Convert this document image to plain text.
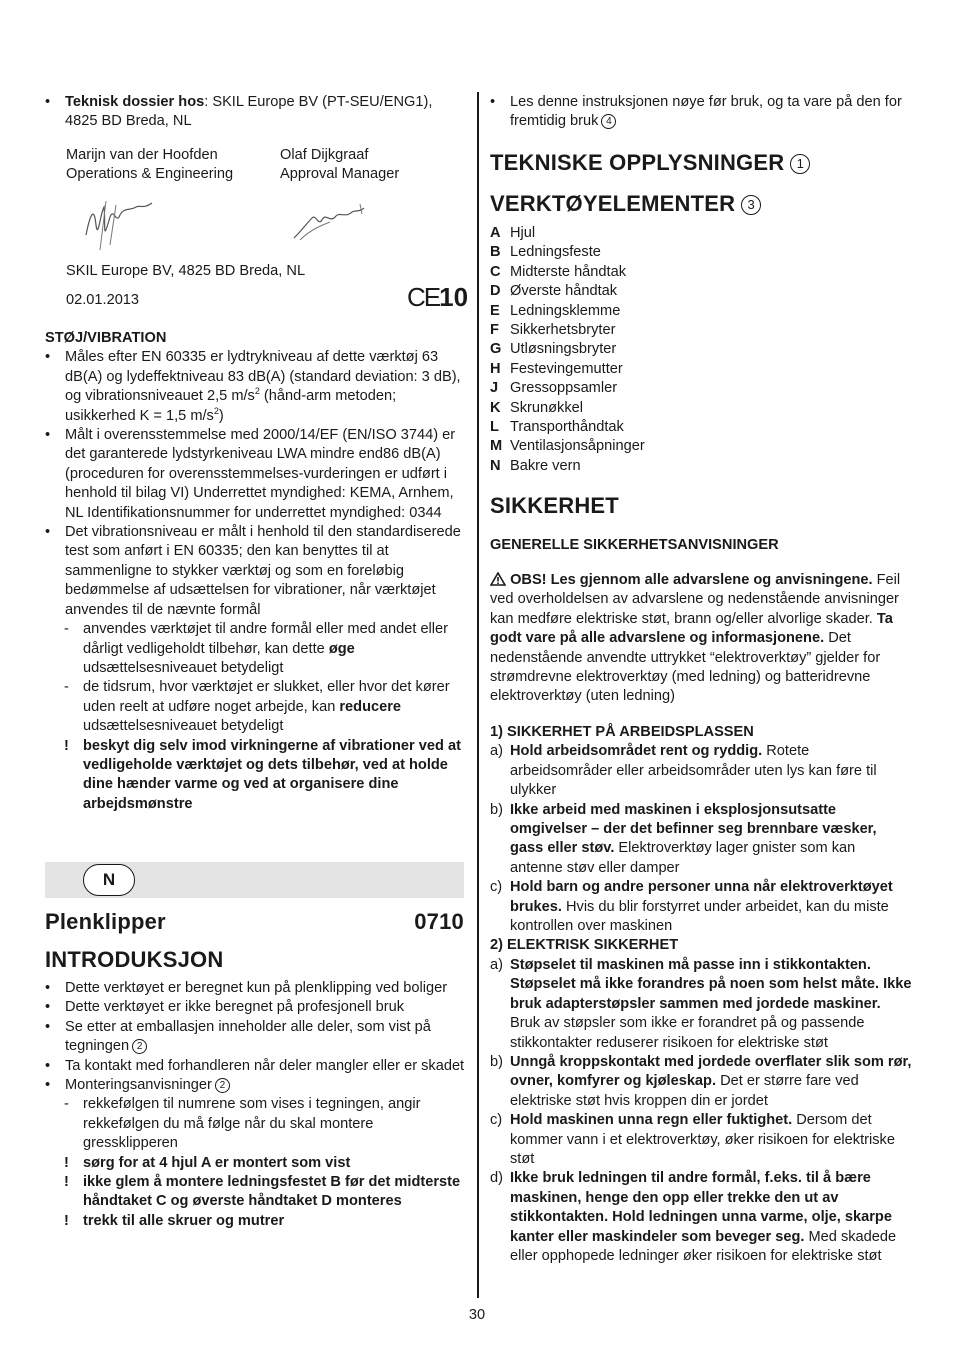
• Teknisk dossier hos: SKIL Europe BV (PT-SEU/ENG1), 4825 BD Breda, NL
Marijn van der Hoofden
Operations & Engineering
Olaf Dijkgraaf
Approval Manager
SKIL Europe BV, 4825 BD Breda, NL
02.01.2013	CE10
STØJ/VIBRATION
• Måles efter EN 60335 er lydtrykniveau af dette værktøj 63 dB(A) og lydeffektniveau 83 dB(A) (standard deviation: 3 dB), og vibrationsniveauet 2,5 $m/s^2$ (hånd-arm metoden; usikkerhed K = 1,5 $m/s^2$)
• Målt i overensstemmelse med 2000/14/EF (EN/ISO 3744) er det garanterede lydstyrkeniveau LWA mindre end86 dB(A) (proceduren for overensstemmelses-vurderingen er udført i henhold til bilag VI) Underrettet myndighed: KEMA, Arnhem, NL Identifikationsnummer for underrettet myndighed: 0344
• Det vibrationsniveau er målt i henhold til den standardiserede test som anført i EN 60335; den kan benyttes til at sammenligne to stykker værktøj og som en foreløbig bedømmelse af udsættelsen for vibrationer, når værktøjet anvendes til de nævnte formål
- anvendes værktøjet til andre formål eller med andet eller dårligt vedligeholdt tilbehør, kan dette øge udsættelsesniveauet betydeligt
- de tidsrum, hvor værktøjet er slukket, eller hvor det kører uden reelt at udføre noget arbejde, kan reducere udsættelsesniveauet betydeligt
! beskyt dig selv imod virkningerne af vibrationer ved at vedligeholde værktøjet og dets tilbehør, ved at holde dine hænder varme og ved at organisere dine arbejdsmønstre
N
Plenklipper	0710
INTRODUKSJON
• Dette verktøyet er beregnet kun på plenklipping ved boliger
• Dette verktøyet er ikke beregnet på profesjonell bruk
• Se etter at emballasjen inneholder alle deler, som vist på tegningen 2
• Ta kontakt med forhandleren når deler mangler eller er skadet
• Monteringsanvisninger 2
- rekkefølgen til numrene som vises i tegningen, angir rekkefølgen du må følge når du skal montere gressklipperen
! sørg for at 4 hjul A er montert som vist
! ikke glem å montere ledningsfestet B før det midterste håndtaket C og øverste håndtaket D monteres
! trekk til alle skruer og mutrer
• Les denne instruksjonen nøye før bruk, og ta vare på den for fremtidig bruk 4
TEKNISKE OPPLYSNINGER 1
VERKTØYELEMENTER 3
A Hjul
B Ledningsfeste
C Midterste håndtak
D Øverste håndtak
E Ledningsklemme
F Sikkerhetsbryter
G Utløsningsbryter
H Festevingemutter
J Gressoppsamler
K Skrunøkkel
L Transporthåndtak
M Ventilasjonsåpninger
N Bakre vern
SIKKERHET
GENERELLE SIKKERHETSANVISNINGER
OBS! Les gjennom alle advarslene og anvisningene. Feil ved overholdelsen av advarslene og nedenstående anvisninger kan medføre elektriske støt, brann og/eller alvorlige skader. Ta godt vare på alle advarslene og informasjonene. Det nedenstående anvendte uttrykket “elektroverktøy” gjelder for strømdrevne elektroverktøy (med ledning) og batteridrevne elektroverktøy (uten ledning)
1) SIKKERHET PÅ ARBEIDSPLASSEN
a) Hold arbeidsområdet rent og ryddig. Rotete arbeidsområder eller arbeidsområder uten lys kan føre til ulykker
b) Ikke arbeid med maskinen i eksplosjonsutsatte omgivelser – der det befinner seg brennbare væsker, gass eller støv. Elektroverktøy lager gnister som kan antenne støv eller damper
c) Hold barn og andre personer unna når elektroverktøyet brukes. Hvis du blir forstyrret under arbeidet, kan du miste kontrollen over maskinen
2) ELEKTRISK SIKKERHET
a) Støpselet til maskinen må passe inn i stikkontakten. Støpselet må ikke forandres på noen som helst måte. Ikke bruk adapterstøpsler sammen med jordede maskiner. Bruk av støpsler som ikke er forandret på og passende stikkontakter reduserer risikoen for elektriske støt
b) Unngå kroppskontakt med jordede overflater slik som rør, ovner, komfyrer og kjøleskap. Det er større fare ved elektriske støt hvis kroppen din er jordet
c) Hold maskinen unna regn eller fuktighet. Dersom det kommer vann i et elektroverktøy, øker risikoen for elektriske støt
d) Ikke bruk ledningen til andre formål, f.eks. til å bære maskinen, henge den opp eller trekke den ut av stikkontakten. Hold ledningen unna varme, olje, skarpe kanter eller maskindeler som beveger seg. Med skadede eller opphopede ledninger øker risikoen for elektriske støt
30
